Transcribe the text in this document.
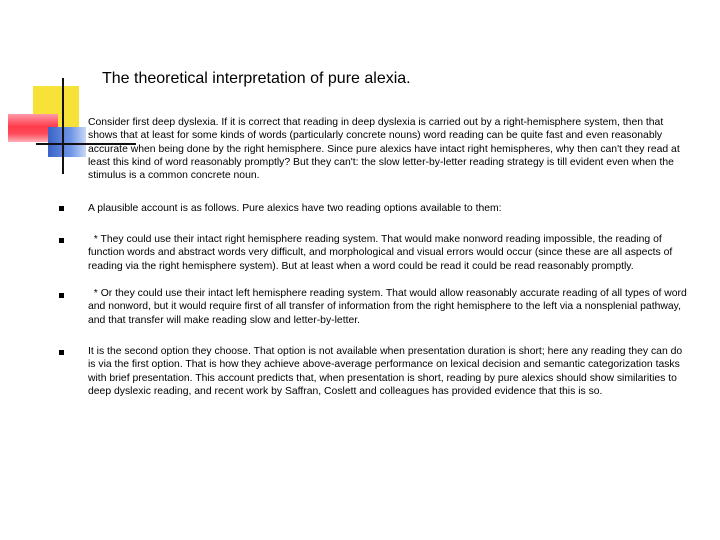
The theoretical interpretation of pure alexia.
Consider first deep dyslexia. If it is correct that reading in deep dyslexia is carried out by a right-hemisphere system, then that shows that at least for some kinds of words (particularly concrete nouns) word reading can be quite fast and even reasonably accurate when being done by the right hemisphere. Since pure alexics have intact right hemispheres, why then can't they read at least this kind of word reasonably promptly? But they can't: the slow letter-by-letter reading strategy is till evident even when the stimulus is a common concrete noun.
A plausible account is as follows. Pure alexics have two reading options available to them:
* They could use their intact right hemisphere reading system. That would make nonword reading impossible, the reading of function words and abstract words very difficult, and morphological and visual errors would occur (since these are all aspects of reading via the right hemisphere system). But at least when a word could be read it could be read reasonably promptly.
* Or they could use their intact left hemisphere reading system. That would allow reasonably accurate reading of all types of word and nonword, but it would require first of all transfer of information from the right hemisphere to the left via a nonsplenial pathway, and that transfer will make reading slow and letter-by-letter.
It is the second option they choose. That option is not available when presentation duration is short; here any reading they can do is via the first option. That is how they achieve above-average performance on lexical decision and semantic categorization tasks with brief presentation. This account predicts that, when presentation is short, reading by pure alexics should show similarities to deep dyslexic reading, and recent work by Saffran, Coslett and colleagues has provided evidence that this is so.
